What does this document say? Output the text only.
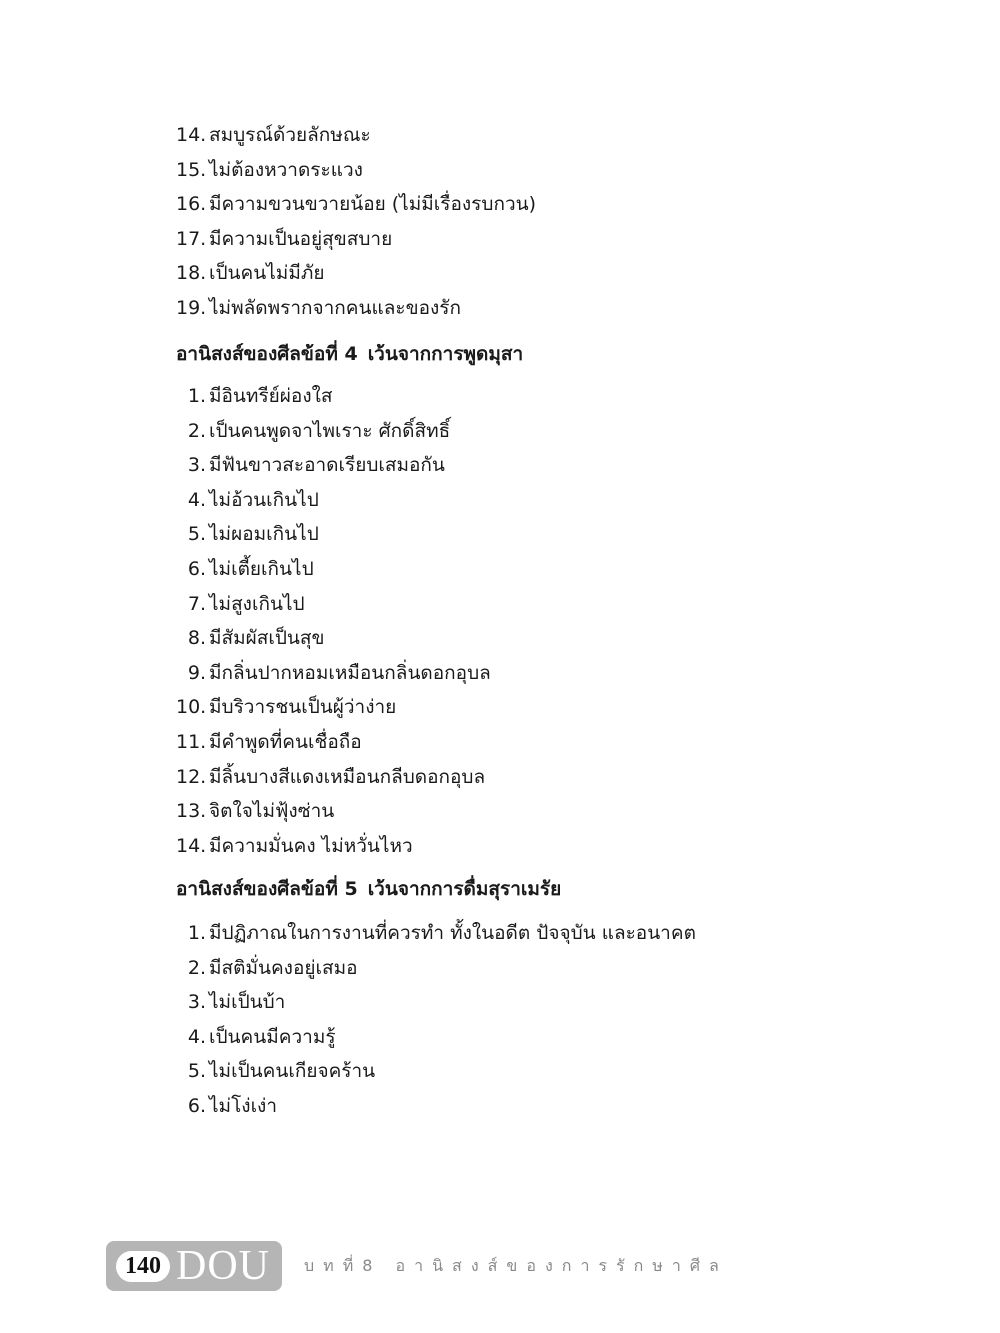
14. สมบูรณ์ด้วยลักษณะ
15. ไม่ต้องหวาดระแวง
16. มีความขวนขวายน้อย (ไม่มีเรื่องรบกวน)
17. มีความเป็นอยู่สุขสบาย
18. เป็นคนไม่มีภัย
19. ไม่พลัดพรากจากคนและของรัก
อานิสงส์ของศีลข้อที่ 4 เว้นจากการพูดมุสา
1. มีอินทรีย์ผ่องใส
2. เป็นคนพูดจาไพเราะ ศักดิ์สิทธิ์
3. มีฟันขาวสะอาดเรียบเสมอกัน
4. ไม่อ้วนเกินไป
5. ไม่ผอมเกินไป
6. ไม่เตี้ยเกินไป
7. ไม่สูงเกินไป
8. มีสัมผัสเป็นสุข
9. มีกลิ่นปากหอมเหมือนกลิ่นดอกอุบล
10. มีบริวารชนเป็นผู้ว่าง่าย
11. มีคำพูดที่คนเชื่อถือ
12. มีลิ้นบางสีแดงเหมือนกลีบดอกอุบล
13. จิตใจไม่ฟุ้งซ่าน
14. มีความมั่นคง ไม่หวั่นไหว
อานิสงส์ของศีลข้อที่ 5 เว้นจากการดื่มสุราเมรัย
1. มีปฏิภาณในการงานที่ควรทำ ทั้งในอดีต ปัจจุบัน และอนาคต
2. มีสติมั่นคงอยู่เสมอ
3. ไม่เป็นบ้า
4. เป็นคนมีความรู้
5. ไม่เป็นคนเกียจคร้าน
6. ไม่โง่เง่า
140 DOU บทที่8 อานิสงส์ของการรักษาศีล
